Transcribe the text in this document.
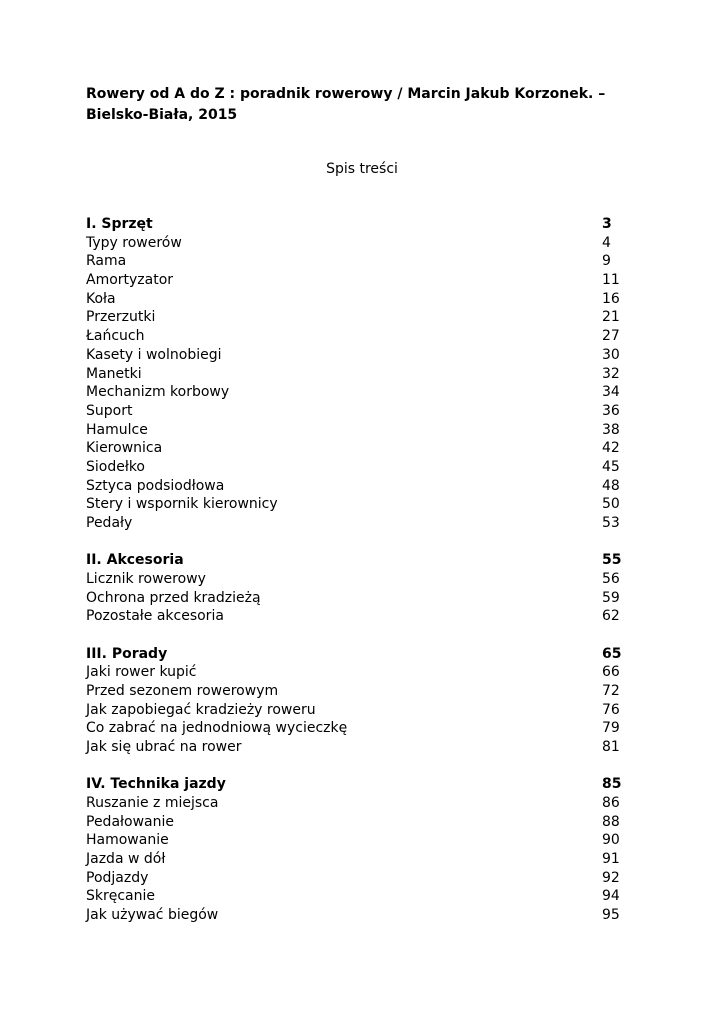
Rowery od A do Z : poradnik rowerowy / Marcin Jakub Korzonek. –
Bielsko-Biała, 2015
Spis treści
I. Sprzęt	3
Typy rowerów	4
Rama	9
Amortyzator	11
Koła	16
Przerzutki	21
Łańcuch	27
Kasety i wolnobiegi	30
Manetki	32
Mechanizm korbowy	34
Suport	36
Hamulce	38
Kierownica	42
Siodełko	45
Sztyca podsiodłowa	48
Stery i wspornik kierownicy	50
Pedały	53
II. Akcesoria	55
Licznik rowerowy	56
Ochrona przed kradzieżą	59
Pozostałe akcesoria	62
III. Porady	65
Jaki rower kupić	66
Przed sezonem rowerowym	72
Jak zapobiegać kradzieży roweru	76
Co zabrać na jednodniową wycieczkę	79
Jak się ubrać na rower	81
IV. Technika jazdy	85
Ruszanie z miejsca	86
Pedałowanie	88
Hamowanie	90
Jazda w dół	91
Podjazdy	92
Skręcanie	94
Jak używać biegów	95
